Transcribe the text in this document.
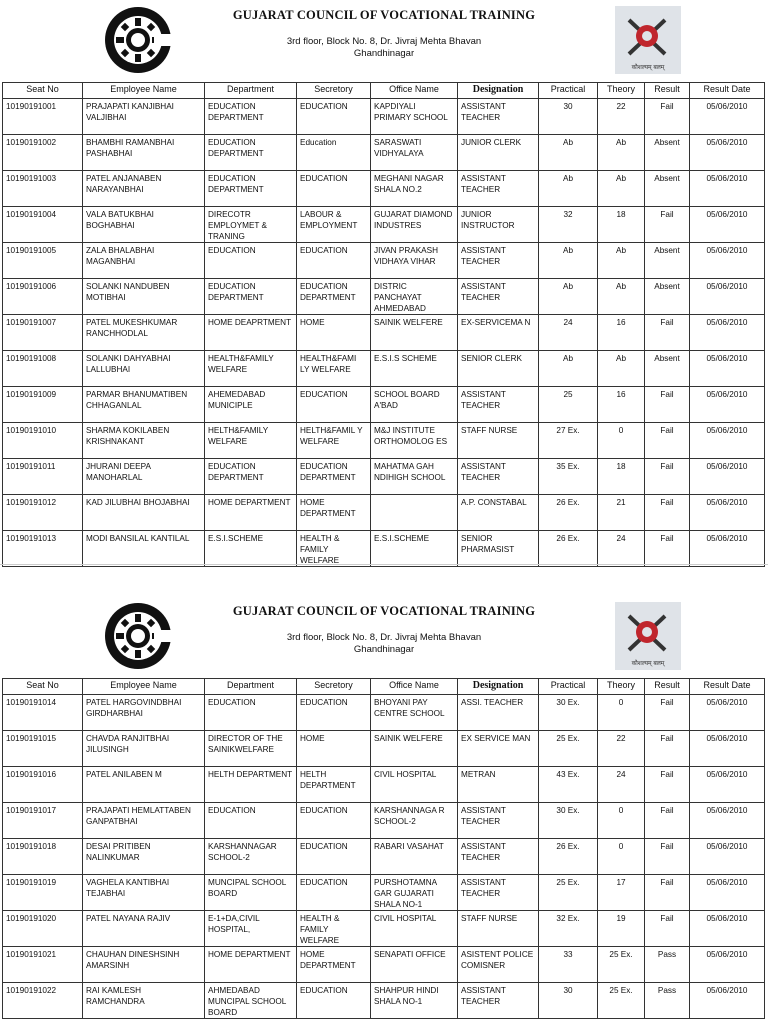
GUJARAT COUNCIL OF VOCATIONAL TRAINING
3rd floor, Block No. 8, Dr. Jivraj Mehta Bhavan
Ghandhinagar
कौशल्यम् बलम्
Seat No	Employee Name	Department	Secretory	Office Name	Designation	Practical	Theory	Result	Result Date

10190191001	PRAJAPATI KANJIBHAI VALJIBHAI	EDUCATION DEPARTMENT	EDUCATION	KAPDIYALI PRIMARY SCHOOL	ASSISTANT TEACHER	30	22	Fail	05/06/2010

10190191002	BHAMBHI RAMANBHAI PASHABHAI	EDUCATION DEPARTMENT	Education	SARASWATI VIDHYALAYA	JUNIOR CLERK	Ab	Ab	Absent	05/06/2010

10190191003	PATEL ANJANABEN NARAYANBHAI	EDUCATION DEPARTMENT	EDUCATION	MEGHANI NAGAR SHALA NO.2	ASSISTANT TEACHER	Ab	Ab	Absent	05/06/2010

10190191004	VALA BATUKBHAI BOGHABHAI	DIRECOTR EMPLOYMET & TRANING	LABOUR & EMPLOYMENT	GUJARAT DIAMOND INDUSTRES	JUNIOR INSTRUCTOR	32	18	Fail	05/06/2010

10190191005	ZALA BHALABHAI MAGANBHAI	EDUCATION	EDUCATION	JIVAN PRAKASH VIDHAYA VIHAR	ASSISTANT TEACHER	Ab	Ab	Absent	05/06/2010

10190191006	SOLANKI NANDUBEN MOTIBHAI	EDUCATION DEPARTMENT	EDUCATION DEPARTMENT	DISTRIC PANCHAYAT AHMEDABAD	ASSISTANT TEACHER	Ab	Ab	Absent	05/06/2010

10190191007	PATEL MUKESHKUMAR RANCHHODLAL	HOME DEAPRTMENT	HOME	SAINIK WELFERE	EX-SERVICEMA N	24	16	Fail	05/06/2010

10190191008	SOLANKI DAHYABHAI LALLUBHAI	HEALTH&FAMILY WELFARE	HEALTH&FAMI LY WELFARE	E.S.I.S SCHEME	SENIOR CLERK	Ab	Ab	Absent	05/06/2010

10190191009	PARMAR BHANUMATIBEN CHHAGANLAL	AHEMEDABAD MUNICIPLE	EDUCATION	SCHOOL BOARD A'BAD	ASSISTANT TEACHER	25	16	Fail	05/06/2010

10190191010	SHARMA KOKILABEN KRISHNAKANT	HELTH&FAMILY WELFARE	HELTH&FAMIL Y WELFARE	M&J INSTITUTE ORTHOMOLOG ES	STAFF NURSE	27 Ex.	0	Fail	05/06/2010

10190191011	JHURANI DEEPA MANOHARLAL	EDUCATION DEPARTMENT	EDUCATION DEPARTMENT	MAHATMA GAH NDIHIGH SCHOOL	ASSISTANT TEACHER	35 Ex.	18	Fail	05/06/2010

10190191012	KAD JILUBHAI BHOJABHAI	HOME DEPARTMENT	HOME DEPARTMENT		A.P. CONSTABAL	26 Ex.	21	Fail	05/06/2010

10190191013	MODI BANSILAL KANTILAL	E.S.I.SCHEME	HEALTH & FAMILY WELFARE	E.S.I.SCHEME	SENIOR PHARMASIST	26 Ex.	24	Fail	05/06/2010
GUJARAT COUNCIL OF VOCATIONAL TRAINING
3rd floor, Block No. 8, Dr. Jivraj Mehta Bhavan
Ghandhinagar
कौशल्यम् बलम्
Seat No	Employee Name	Department	Secretory	Office Name	Designation	Practical	Theory	Result	Result Date

10190191014	PATEL HARGOVINDBHAI GIRDHARBHAI	EDUCATION	EDUCATION	BHOYANI PAY CENTRE SCHOOL	ASSI. TEACHER	30 Ex.	0	Fail	05/06/2010

10190191015	CHAVDA RANJITBHAI JILUSINGH	DIRECTOR OF THE SAINIKWELFARE	HOME	SAINIK WELFERE	EX SERVICE MAN	25 Ex.	22	Fail	05/06/2010

10190191016	PATEL ANILABEN M	HELTH DEPARTMENT	HELTH DEPARTMENT	CIVIL HOSPITAL	METRAN	43 Ex.	24	Fail	05/06/2010

10190191017	PRAJAPATI HEMLATTABEN GANPATBHAI	EDUCATION	EDUCATION	KARSHANNAGA R SCHOOL-2	ASSISTANT TEACHER	30 Ex.	0	Fail	05/06/2010

10190191018	DESAI PRITIBEN NALINKUMAR	KARSHANNAGAR SCHOOL-2	EDUCATION	RABARI VASAHAT	ASSISTANT TEACHER	26 Ex.	0	Fail	05/06/2010

10190191019	VAGHELA KANTIBHAI TEJABHAI	MUNCIPAL SCHOOL BOARD	EDUCATION	PURSHOTAMNA GAR GUJARATI SHALA NO-1	ASSISTANT TEACHER	25 Ex.	17	Fail	05/06/2010

10190191020	PATEL NAYANA RAJIV	E-1+DA,CIVIL HOSPITAL,	HEALTH & FAMILY WELFARE	CIVIL HOSPITAL	STAFF NURSE	32 Ex.	19	Fail	05/06/2010

10190191021	CHAUHAN DINESHSINH AMARSINH	HOME DEPARTMENT	HOME DEPARTMENT	SENAPATI OFFICE	ASISTENT POLICE COMISNER	33	25 Ex.	Pass	05/06/2010

10190191022	RAI KAMLESH RAMCHANDRA	AHMEDABAD MUNCIPAL SCHOOL BOARD	EDUCATION	SHAHPUR HINDI SHALA NO-1	ASSISTANT TEACHER	30	25 Ex.	Pass	05/06/2010
